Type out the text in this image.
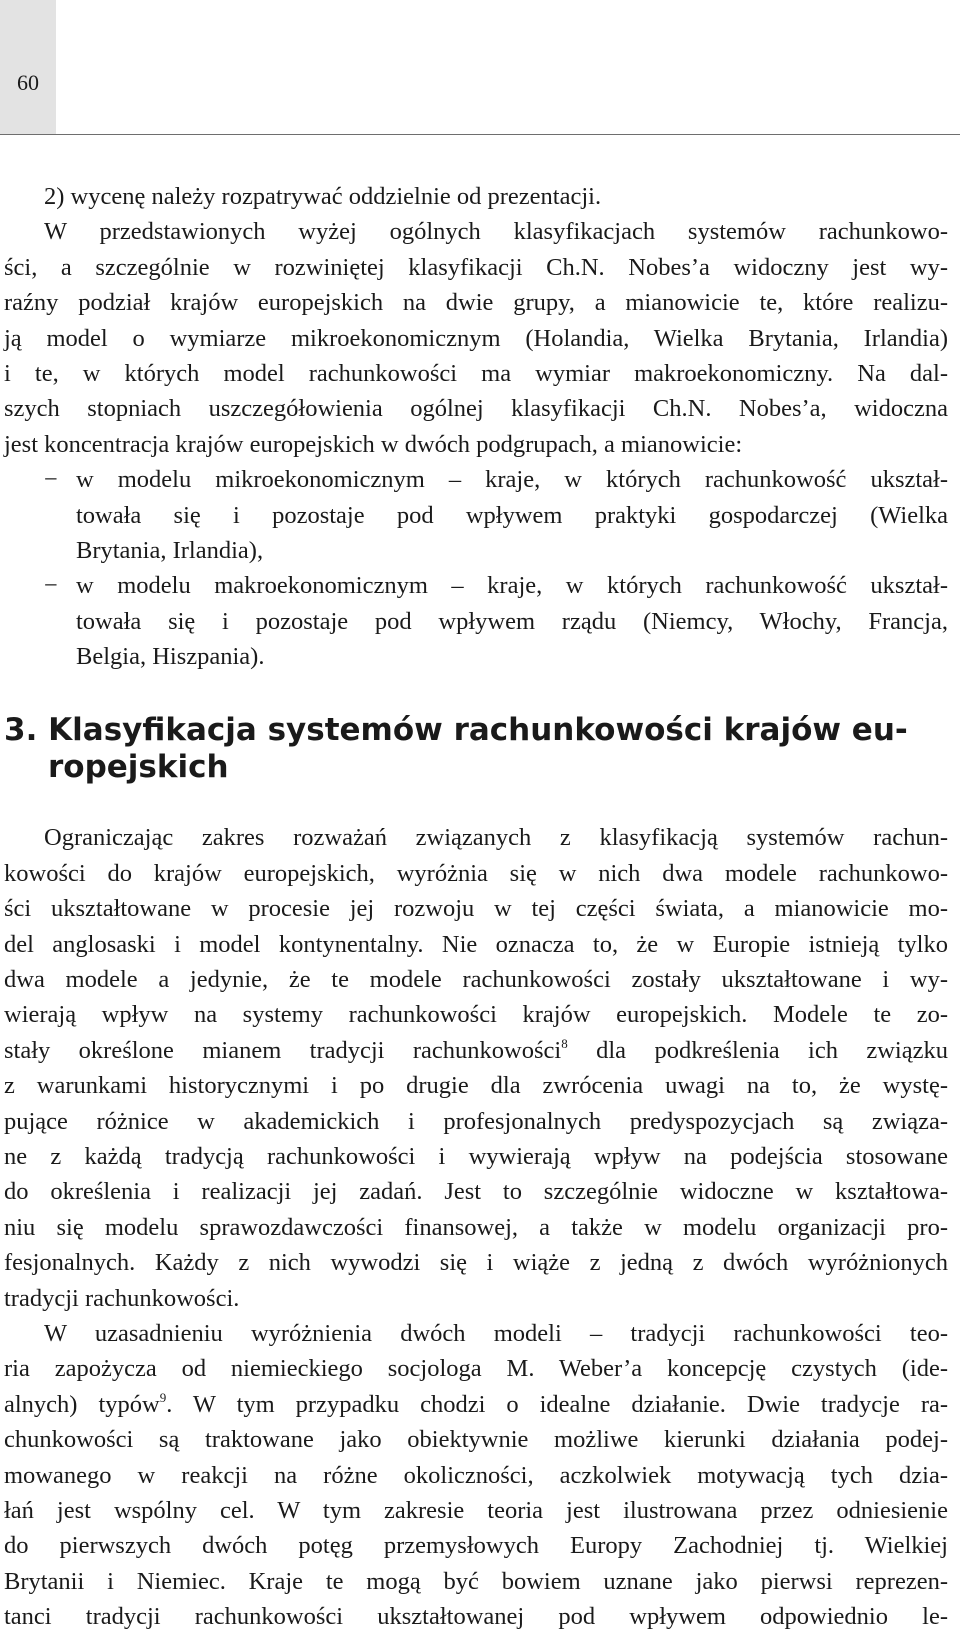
60
2) wycenę należy rozpatrywać oddzielnie od prezentacji.
W przedstawionych wyżej ogólnych klasyfikacjach systemów rachunkowo-
ści, a szczególnie w rozwiniętej klasyfikacji Ch.N. Nobes’a widoczny jest wy-
raźny podział krajów europejskich na dwie grupy, a mianowicie te, które realizu-
ją model o wymiarze mikroekonomicznym (Holandia, Wielka Brytania, Irlandia)
i te, w których model rachunkowości ma wymiar makroekonomiczny. Na dal-
szych stopniach uszczegółowienia ogólnej klasyfikacji Ch.N. Nobes’a, widoczna
jest koncentracja krajów europejskich w dwóch podgrupach, a mianowicie:
− w modelu mikroekonomicznym – kraje, w których rachunkowość ukształ-
towała się i pozostaje pod wpływem praktyki gospodarczej (Wielka
Brytania, Irlandia),
− w modelu makroekonomicznym – kraje, w których rachunkowość ukształ-
towała się i pozostaje pod wpływem rządu (Niemcy, Włochy, Francja,
Belgia, Hiszpania).
3. Klasyfikacja systemów rachunkowości krajów eu-
ropejskich
Ograniczając zakres rozważań związanych z klasyfikacją systemów rachun-
kowości do krajów europejskich, wyróżnia się w nich dwa modele rachunkowo-
ści ukształtowane w procesie jej rozwoju w tej części świata, a mianowicie mo-
del anglosaski i model kontynentalny. Nie oznacza to, że w Europie istnieją tylko
dwa modele a jedynie, że te modele rachunkowości zostały ukształtowane i wy-
wierają wpływ na systemy rachunkowości krajów europejskich. Modele te zo-
stały określone mianem tradycji rachunkowości$^8$ dla podkreślenia ich związku
z warunkami historycznymi i po drugie dla zwrócenia uwagi na to, że wystę-
pujące różnice w akademickich i profesjonalnych predyspozycjach są związa-
ne z każdą tradycją rachunkowości i wywierają wpływ na podejścia stosowane
do określenia i realizacji jej zadań. Jest to szczególnie widoczne w kształtowa-
niu się modelu sprawozdawczości finansowej, a także w modelu organizacji pro-
fesjonalnych. Każdy z nich wywodzi się i wiąże z jedną z dwóch wyróżnionych
tradycji rachunkowości.
W uzasadnieniu wyróżnienia dwóch modeli – tradycji rachunkowości teo-
ria zapożycza od niemieckiego socjologa M. Weber’a koncepcję czystych (ide-
alnych) typów$^9$. W tym przypadku chodzi o idealne działanie. Dwie tradycje ra-
chunkowości są traktowane jako obiektywnie możliwe kierunki działania podej-
mowanego w reakcji na różne okoliczności, aczkolwiek motywacją tych dzia-
łań jest wspólny cel. W tym zakresie teoria jest ilustrowana przez odniesienie
do pierwszych dwóch potęg przemysłowych Europy Zachodniej tj. Wielkiej
Brytanii i Niemiec. Kraje te mogą być bowiem uznane jako pierwsi reprezen-
tanci tradycji rachunkowości ukształtowanej pod wpływem odpowiednio le-
